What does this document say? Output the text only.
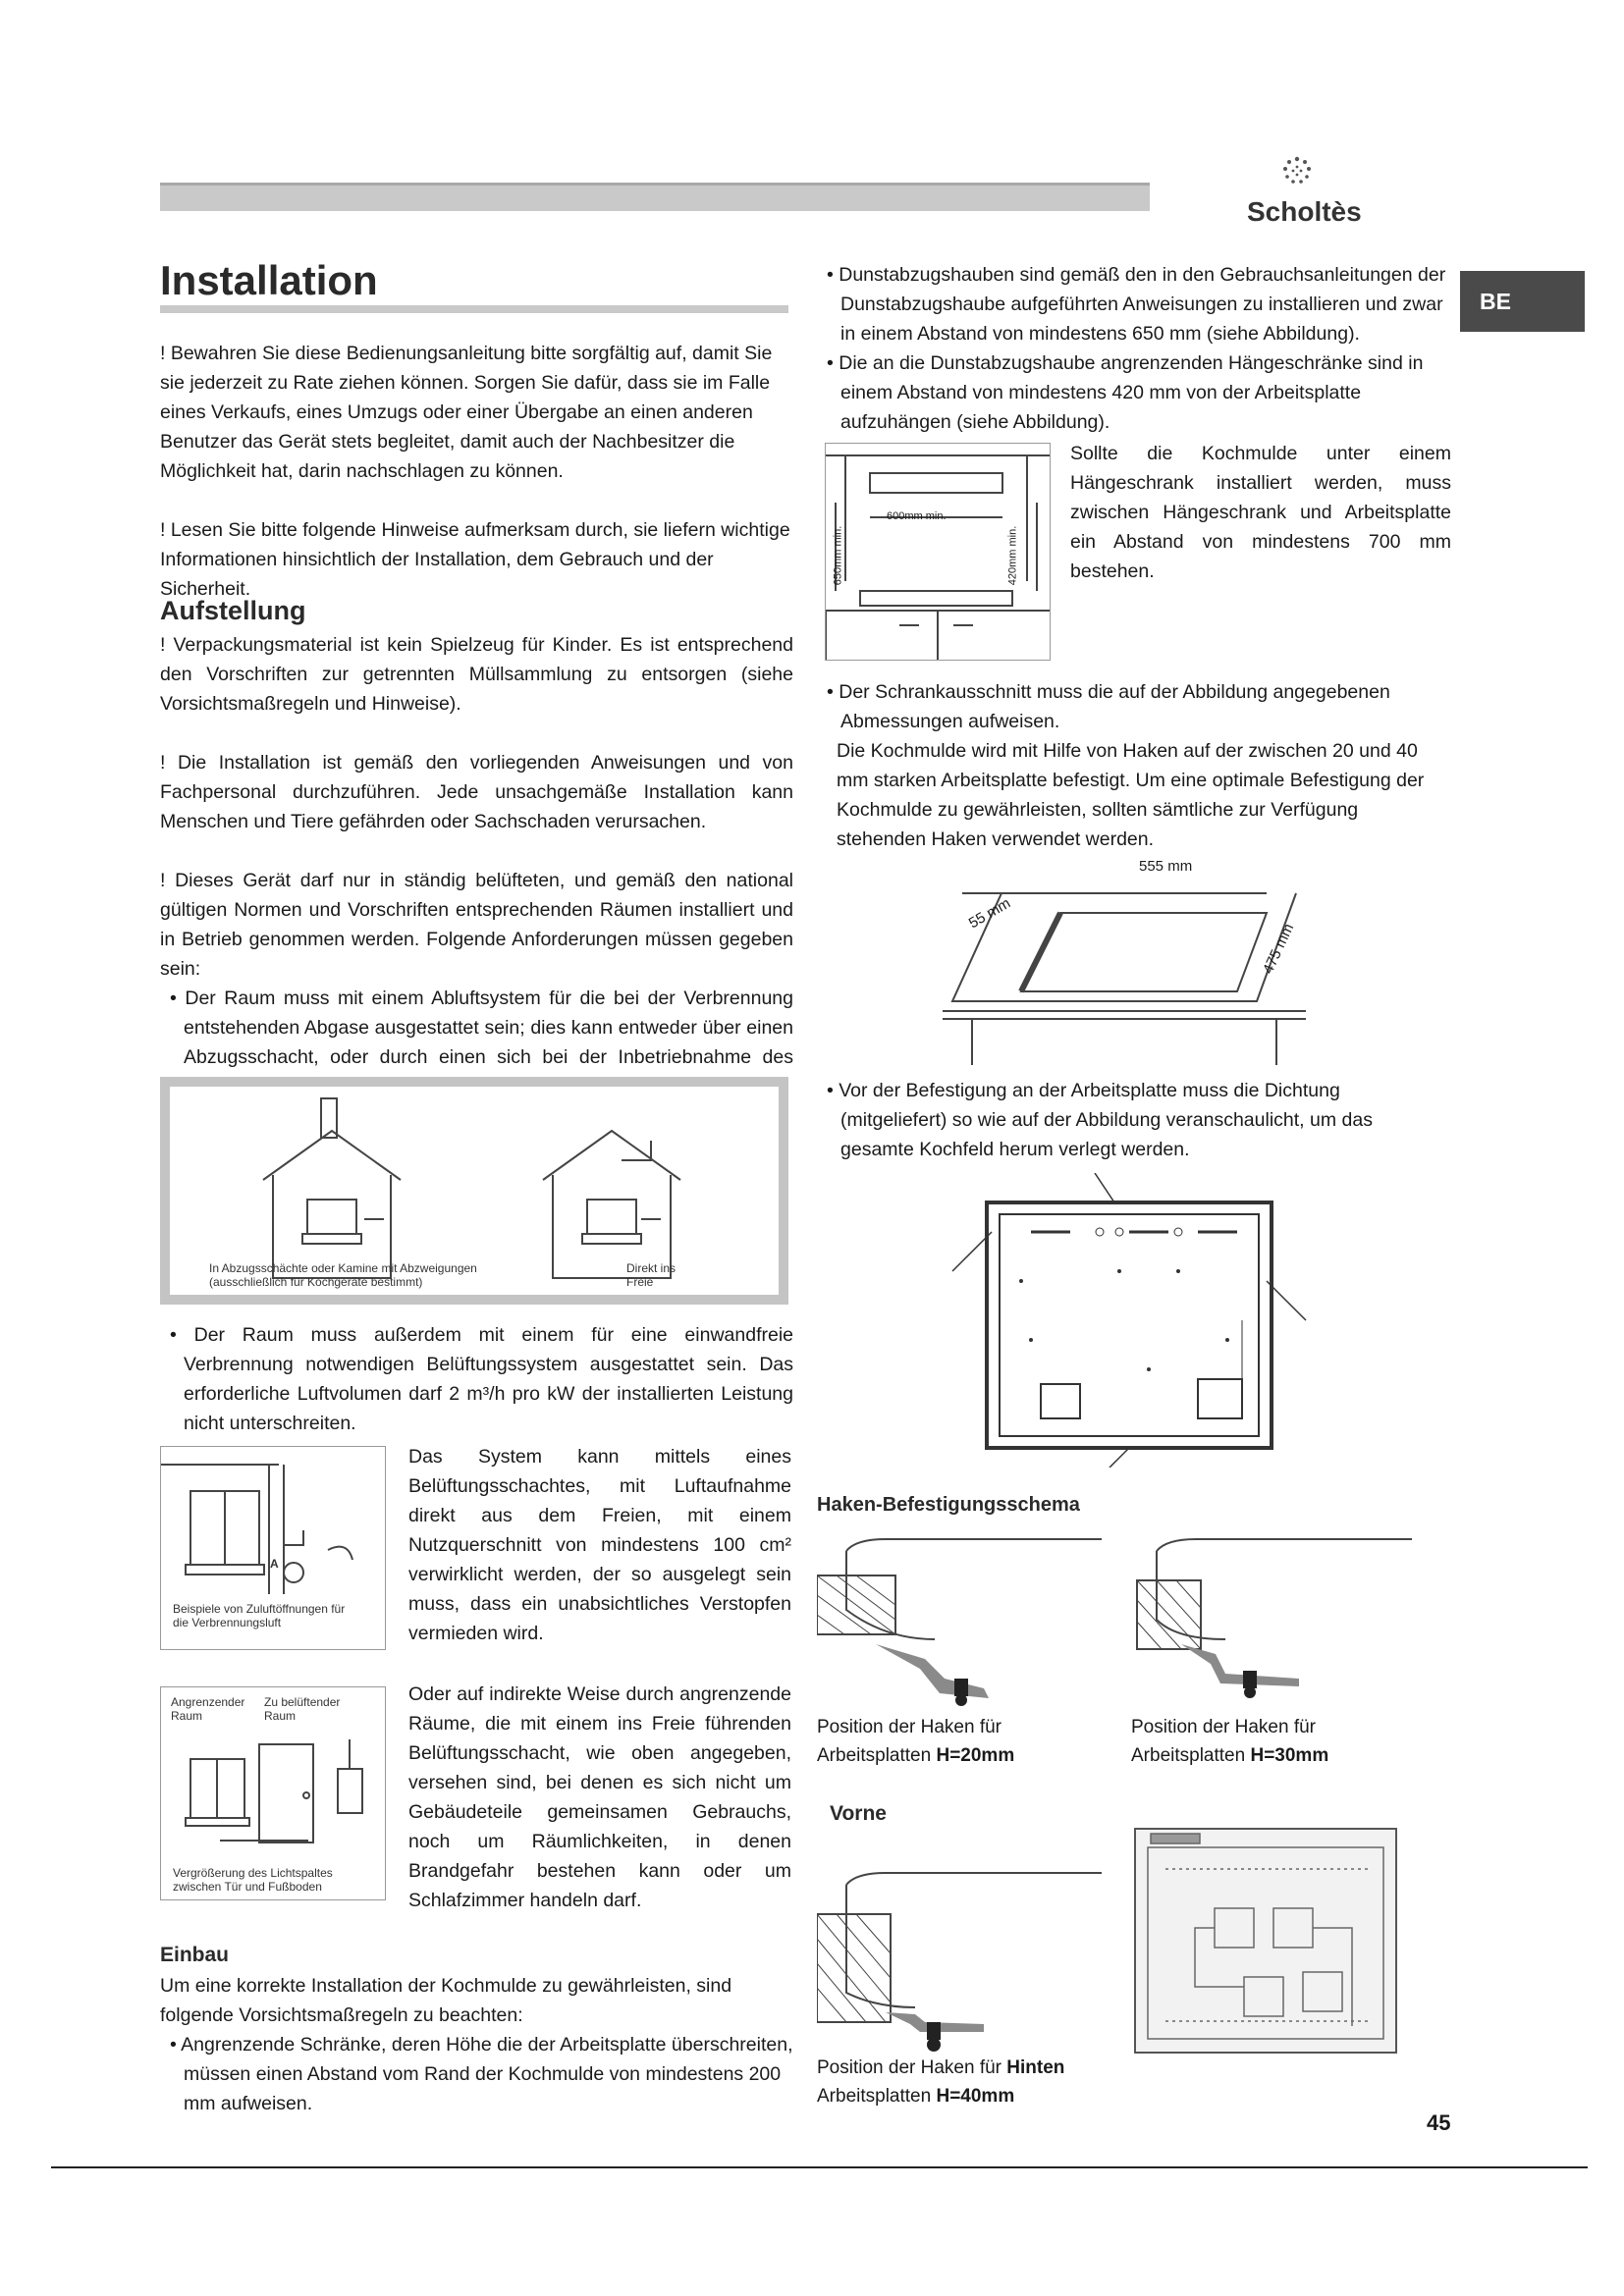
Scholtès
BE
Installation

! Bewahren Sie diese Bedienungsanleitung bitte sorgfältig auf, damit Sie sie jederzeit zu Rate ziehen können. Sorgen Sie dafür, dass sie im Falle eines Verkaufs, eines Umzugs oder einer Übergabe an einen anderen Benutzer das Gerät stets begleitet, damit auch der Nachbesitzer die Möglichkeit hat, darin nachschlagen zu können.

! Lesen Sie bitte folgende Hinweise aufmerksam durch, sie liefern wichtige Informationen hinsichtlich der Installation, dem Gebrauch und der Sicherheit.

Aufstellung

! Verpackungsmaterial ist kein Spielzeug für Kinder. Es ist entsprechend den Vorschriften zur getrennten Müllsammlung zu entsorgen (siehe Vorsichtsmaßregeln und Hinweise).

! Die Installation ist gemäß den vorliegenden Anweisungen und von Fachpersonal durchzuführen. Jede unsachgemäße Installation kann Menschen und Tiere gefährden oder Sachschaden verursachen.

! Dieses Gerät darf nur in ständig belüfteten, und gemäß den national gültigen Normen und Vorschriften entsprechenden Räumen installiert und in Betrieb genommen werden. Folgende Anforderungen müssen gegeben sein:

• Der Raum muss mit einem Abluftsystem für die bei der Verbrennung entstehenden Abgase ausgestattet sein; dies kann entweder über einen Abzugsschacht, oder durch einen sich bei der Inbetriebnahme des

In Abzugsschächte oder Kamine mit Abzweigungen (ausschließlich für Kochgeräte bestimmt)
Direkt ins Freie

• Der Raum muss außerdem mit einem für eine einwandfreie Verbrennung notwendigen Belüftungssystem ausgestattet sein. Das erforderliche Luftvolumen darf 2 m³/h pro kW der installierten Leistung nicht unterschreiten.

A
Beispiele von Zuluftöffnungen für die Verbrennungsluft
Das System kann mittels eines Belüftungsschachtes, mit Luftaufnahme direkt aus dem Freien, mit einem Nutzquerschnitt von mindestens 100 cm² verwirklicht werden, der so ausgelegt sein muss, dass ein unabsichtliches Verstopfen vermieden wird.
Angrenzender Raum
Zu belüftender Raum
Vergrößerung des Lichtspaltes zwischen Tür und Fußboden
Oder auf indirekte Weise durch angrenzende Räume, die mit einem ins Freie führenden Belüftungsschacht, wie oben angegeben, versehen sind, bei denen es sich nicht um Gebäudeteile gemeinsamen Gebrauchs, noch um Räumlichkeiten, in denen Brandgefahr bestehen kann oder um Schlafzimmer handeln darf.
Einbau

Um eine korrekte Installation der Kochmulde zu gewährleisten, sind folgende Vorsichtsmaßregeln zu beachten:

• Angrenzende Schränke, deren Höhe die der Arbeitsplatte überschreiten, müssen einen Abstand vom Rand der Kochmulde von mindestens 200 mm aufweisen.

• Dunstabzugshauben sind gemäß den in den Gebrauchsanleitungen der Dunstabzugshaube aufgeführten Anweisungen zu installieren und zwar in einem Abstand von mindestens 650 mm (siehe Abbildung).

• Die an die Dunstabzugshaube angrenzenden Hängeschränke sind in einem Abstand von mindestens 420 mm von der Arbeitsplatte aufzuhängen (siehe Abbildung).

600mm min.
650mm min.	420mm min.
Sollte die Kochmulde unter einem Hängeschrank installiert werden, muss zwischen Hängeschrank und Arbeitsplatte ein Abstand von mindestens 700 mm bestehen.

• Der Schrankausschnitt muss die auf der Abbildung angegebenen Abmessungen aufweisen.

Die Kochmulde wird mit Hilfe von Haken auf der zwischen 20 und 40 mm starken Arbeitsplatte befestigt. Um eine optimale Befestigung der Kochmulde zu gewährleisten, sollten sämtliche zur Verfügung stehenden Haken verwendet werden.

555 mm
55 mm
475 mm

• Vor der Befestigung an der Arbeitsplatte muss die Dichtung (mitgeliefert) so wie auf der Abbildung veranschaulicht, um das gesamte Kochfeld herum verlegt werden.

Haken-Befestigungsschema
Position der Haken für
Arbeitsplatten H=20mm
Position der Haken für
Arbeitsplatten H=30mm
Vorne
Position der Haken für Hinten
Arbeitsplatten H=40mm
45
